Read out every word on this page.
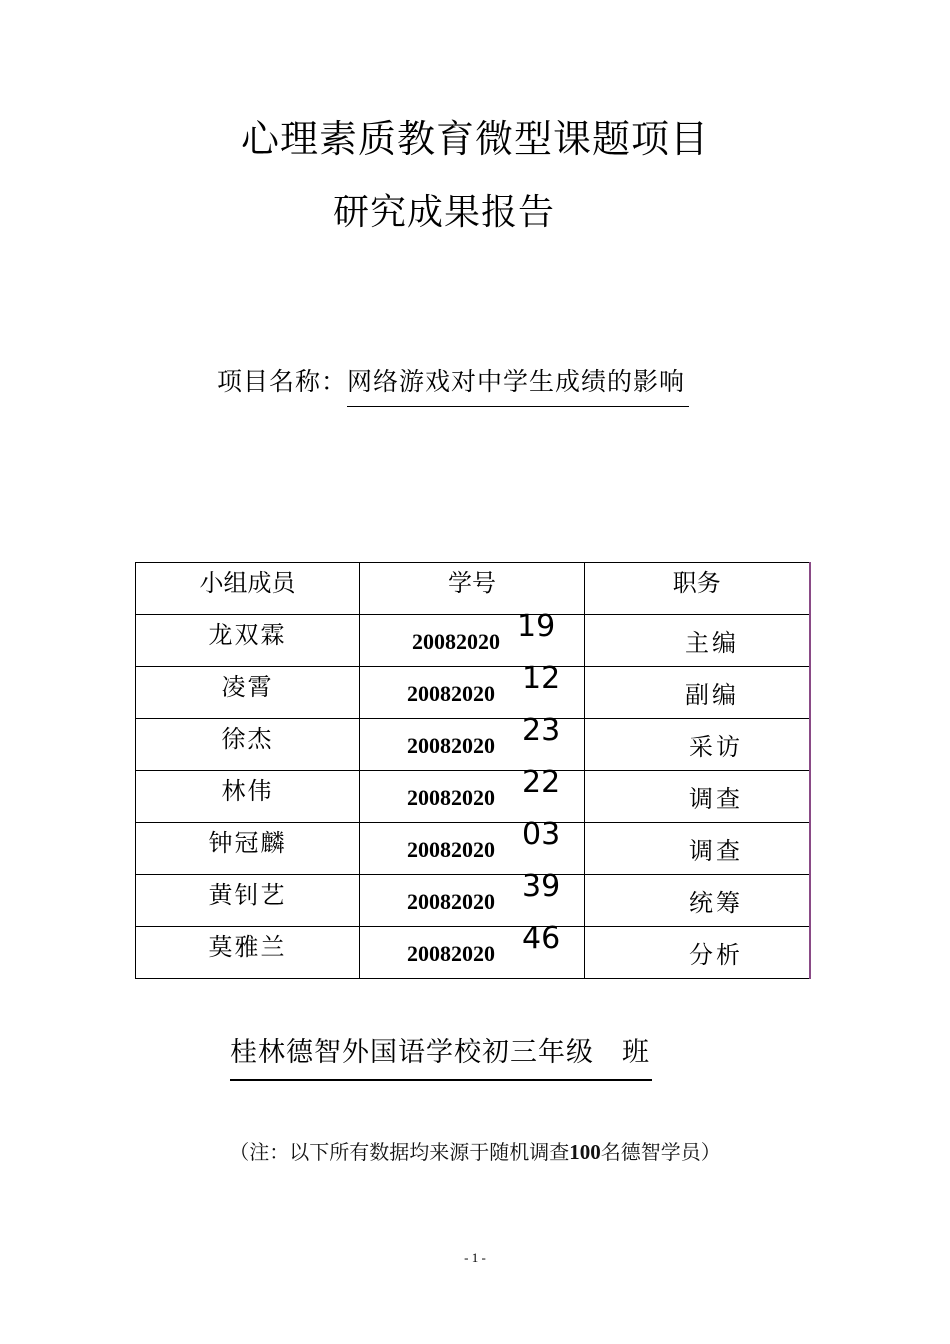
心理素质教育微型课题项目
研究成果报告
项目名称：网络游戏对中学生成绩的影响
小组成员	学号	职务
龙双霖	20082020 19	主编

凌霄	20082020 12	副编

徐杰	20082020 23	采访

林伟	20082020 22	调查

钟冠麟	20082020 03	调查

黄钊艺	20082020 39	统筹

莫雅兰	20082020 46	分析
桂林德智外国语学校初三年级　班
（注：以下所有数据均来源于随机调查100名德智学员）
- 1 -
